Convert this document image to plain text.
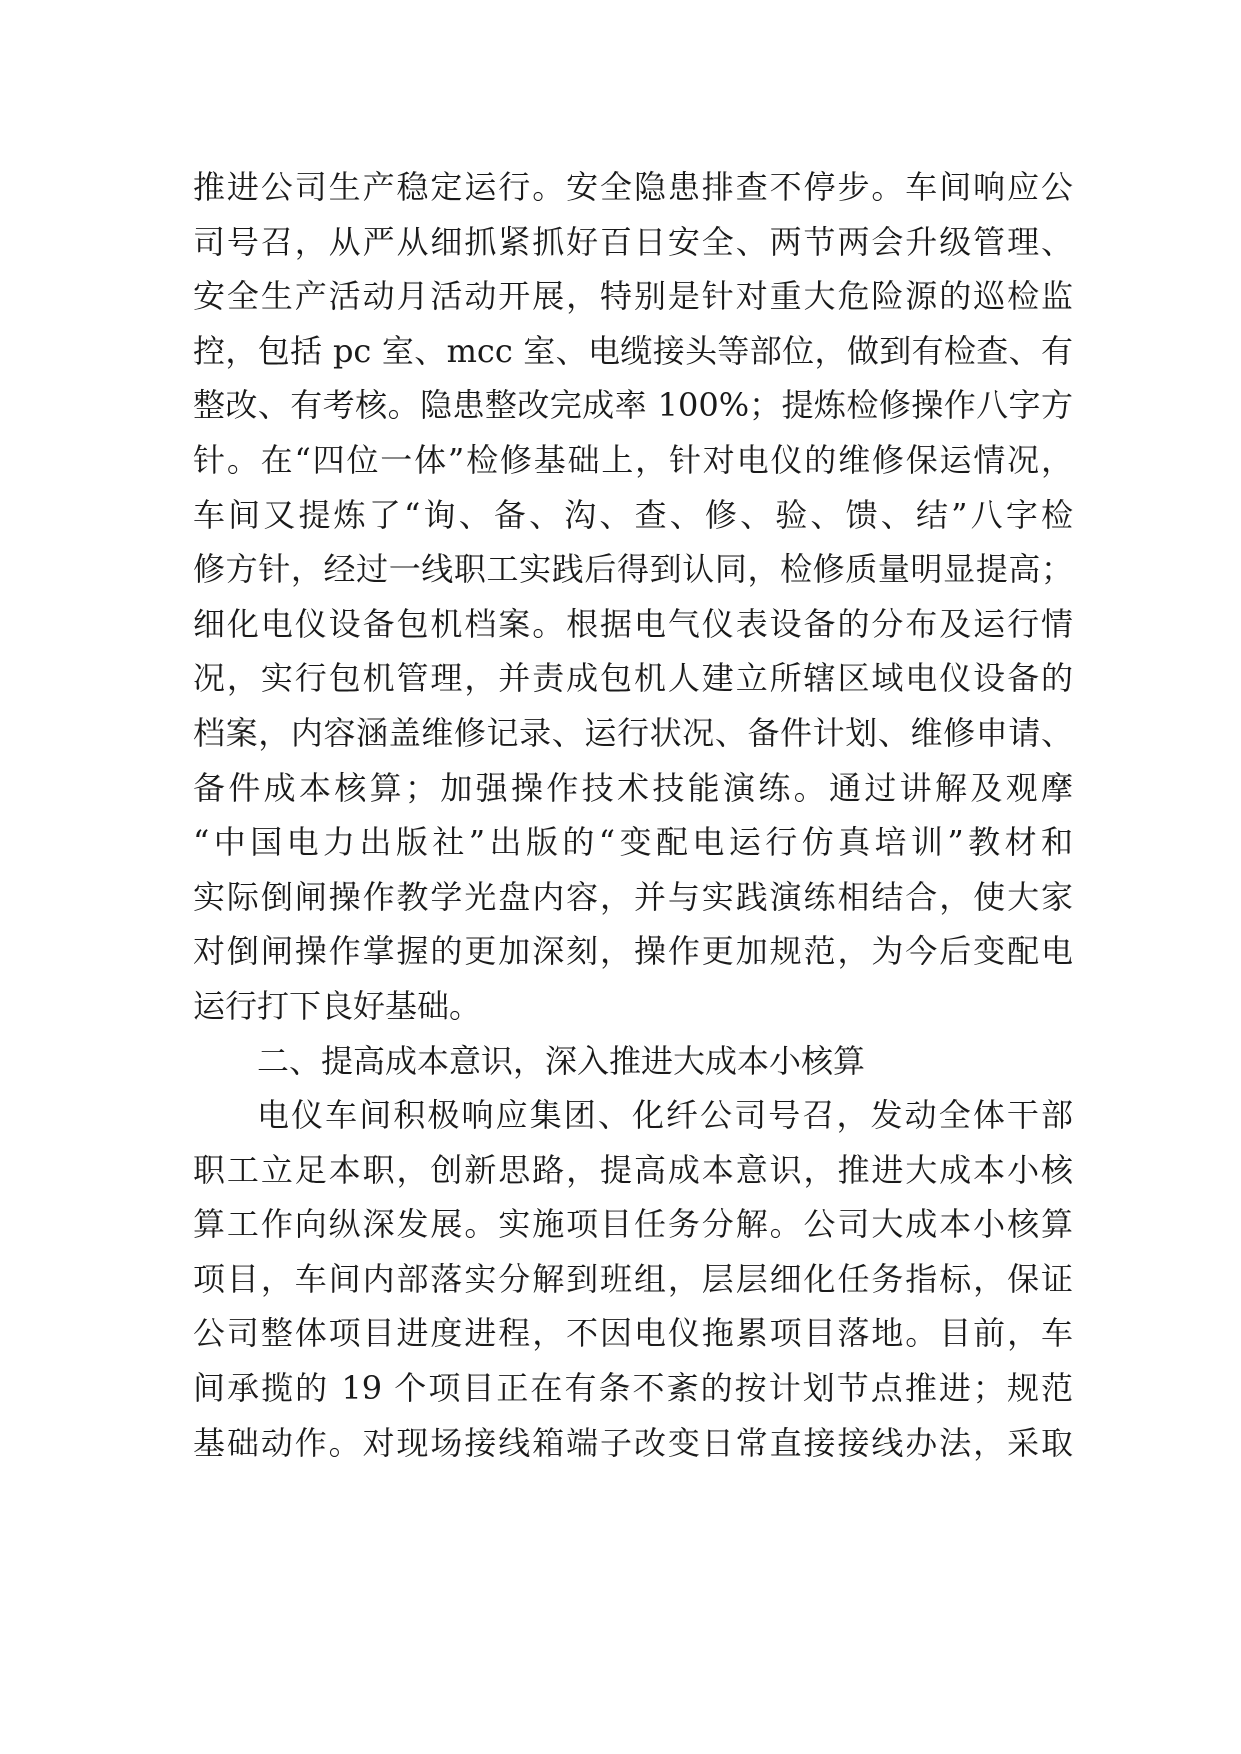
推进公司生产稳定运行。安全隐患排查不停步。车间响应公
司号召，从严从细抓紧抓好百日安全、两节两会升级管理、
安全生产活动月活动开展，特别是针对重大危险源的巡检监
控，包括 pc 室、mcc 室、电缆接头等部位，做到有检查、有
整改、有考核。隐患整改完成率 100%；提炼检修操作八字方
针。在“四位一体”检修基础上，针对电仪的维修保运情况，
车间又提炼了“询、备、沟、查、修、验、馈、结”八字检
修方针，经过一线职工实践后得到认同，检修质量明显提高；
细化电仪设备包机档案。根据电气仪表设备的分布及运行情
况，实行包机管理，并责成包机人建立所辖区域电仪设备的
档案，内容涵盖维修记录、运行状况、备件计划、维修申请、
备件成本核算；加强操作技术技能演练。通过讲解及观摩
“中国电力出版社”出版的“变配电运行仿真培训”教材和
实际倒闸操作教学光盘内容，并与实践演练相结合，使大家
对倒闸操作掌握的更加深刻，操作更加规范，为今后变配电
运行打下良好基础。
二、提高成本意识，深入推进大成本小核算
电仪车间积极响应集团、化纤公司号召，发动全体干部
职工立足本职，创新思路，提高成本意识，推进大成本小核
算工作向纵深发展。实施项目任务分解。公司大成本小核算
项目，车间内部落实分解到班组，层层细化任务指标，保证
公司整体项目进度进程，不因电仪拖累项目落地。目前，车
间承揽的 19 个项目正在有条不紊的按计划节点推进；规范
基础动作。对现场接线箱端子改变日常直接接线办法，采取
